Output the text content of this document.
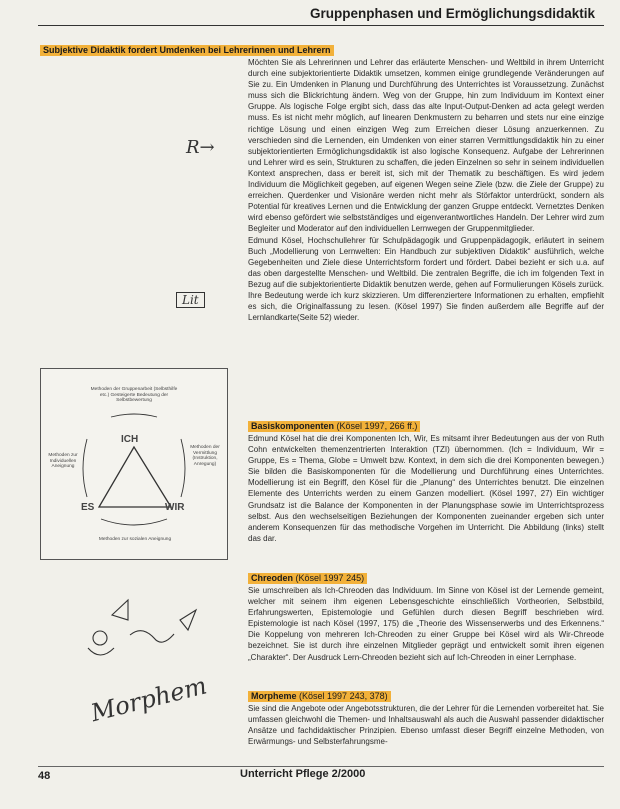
Gruppenphasen und Ermöglichungsdidaktik
Subjektive Didaktik fordert Umdenken bei Lehrerinnen und Lehrern

Möchten Sie als Lehrerinnen und Lehrer das erläuterte Menschen- und Weltbild in ihrem Unterricht durch eine subjektorientierte Didaktik umsetzen, kommen einige grundlegende Veränderungen auf Sie zu. Ein Umdenken in Planung und Durchführung des Unterrichtes ist Voraussetzung. Zunächst muss sich die Blickrichtung ändern. Weg von der Gruppe, hin zum Individuum im Kontext einer Gruppe. Als logische Folge ergibt sich, dass das alte Input-Output-Denken ad acta gelegt werden muss. Es ist nicht mehr möglich, auf linearen Denkmustern zu beharren und stets nur eine einzige richtige Lösung und einen einzigen Weg zum Erreichen dieser Lösung anzuerkennen. Zu verschieden sind die Lernenden, ein Umdenken von einer starren Vermittlungsdidaktik hin zu einer subjektorientierten Ermöglichungsdidaktik ist also logische Konsequenz. Aufgabe der Lehrerinnen und Lehrer wird es sein, Strukturen zu schaffen, die jeden Einzelnen so sehr in seinem individuellen Kontext ansprechen, dass er bereit ist, sich mit der Thematik zu beschäftigen. Es wird jedem Individuum die Möglichkeit gegeben, auf eigenen Wegen seine Ziele (bzw. die Ziele der Gruppe) zu erreichen. Querdenker und Visionäre werden nicht mehr als Störfaktor unterdrückt, sondern als Potential für kreatives Lernen und die Entwicklung der ganzen Gruppe entdeckt. Vernetztes Denken wird ebenso gefördert wie selbstständiges und eigenverantwortliches Handeln. Der Lehrer wird zum Begleiter und Moderator auf den individuellen Lernwegen der Gruppenmitglieder.

Edmund Kösel, Hochschullehrer für Schulpädagogik und Gruppenpädagogik, erläutert in seinem Buch „Modellierung von Lernwelten: Ein Handbuch zur subjektiven Didaktik“ ausführlich, welche Gegebenheiten und Ziele diese Unterrichtsform fordert und fördert. Dabei bezieht er sich u.a. auf das oben dargestellte Menschen- und Weltbild. Die zentralen Begriffe, die ich im folgenden Text in Bezug auf die subjektorientierte Didaktik benutzen werde, gehen auf Formulierungen Kösels zurück. Ihre Bedeutung werde ich kurz skizzieren. Um differenziertere Informationen zu erhalten, empfiehlt es sich, die Originalfassung zu lesen. (Kösel 1997) Sie finden außerdem alle Begriffe auf der Lernlandkarte(Seite 52) wieder.

Basiskomponenten (Kösel 1997, 266 ff.)

Edmund Kösel hat die drei Komponenten Ich, Wir, Es mitsamt ihrer Bedeutungen aus der von Ruth Cohn entwickelten themenzentrierten Interaktion (TZI) übernommen. (Ich = Individuum, Wir = Gruppe, Es = Thema, Globe = Umwelt bzw. Kontext, in dem sich die drei Komponenten bewegen.) Sie bilden die Basiskomponenten für die Modellierung und Durchführung eines Unterrichtes. Modellierung ist ein Begriff, den Kösel für die „Planung“ des Unterrichtes benutzt. Die einzelnen Elemente des Unterrichts werden zu einem Ganzen modelliert. (Kösel 1997, 27) Ein wichtiger Grundsatz ist die Balance der Komponenten in der Planungsphase sowie im Unterrichtsprozess selbst. Aus den wechselseitigen Beziehungen der Komponenten zueinander ergeben sich unter anderem Konsequenzen für das methodische Vorgehen im Unterricht. Die Abbildung (links) stellt das dar.

Chreoden (Kösel 1997 245)

Sie umschreiben als Ich-Chreoden das Individuum. Im Sinne von Kösel ist der Lernende gemeint, welcher mit seinem ihm eigenen Lebensgeschichte einschließlich Vortheorien, Selbstbild, Erfahrungswerten, Epistemologie und Gefühlen durch diesen Begriff beschrieben wird. Epistemologie ist nach Kösel (1997, 175) die „Theorie des Wissenserwerbs und des Erkennens.“ Die Koppelung von mehreren Ich-Chreoden zu einer Gruppe bei Kösel wird als Wir-Chreode bezeichnet. Sie ist durch ihre einzelnen Mitglieder geprägt und entwickelt somit ihren eigenen „Charakter“. Der Ausdruck Lern-Chreoden bezieht sich auf Ich-Chreoden in einer Lernphase.

Morpheme (Kösel 1997 243, 378)

Sie sind die Angebote oder Angebotsstrukturen, die der Lehrer für die Lernenden vorbereitet hat. Sie umfassen gleichwohl die Themen- und Inhaltsauswahl als auch die Auswahl passender didaktischer Ansätze und fachdidaktischer Prinzipien. Ebenso umfasst dieser Begriff einzelne Methoden, von Erwärmungs- und Selbsterfahrungsme-

Methoden der Gruppenarbeit (Selbsthilfe etc.) Gesteigerte Bedeutung der Selbstbewertung
ICH
ES	WIR
Methoden zur Individuellen Aneignung
Methoden der Vermittlung (Instruktion, Anregung)
Methoden zur sozialen Aneignung
R→
Lit
Morphem
48	Unterricht Pflege 2/2000
